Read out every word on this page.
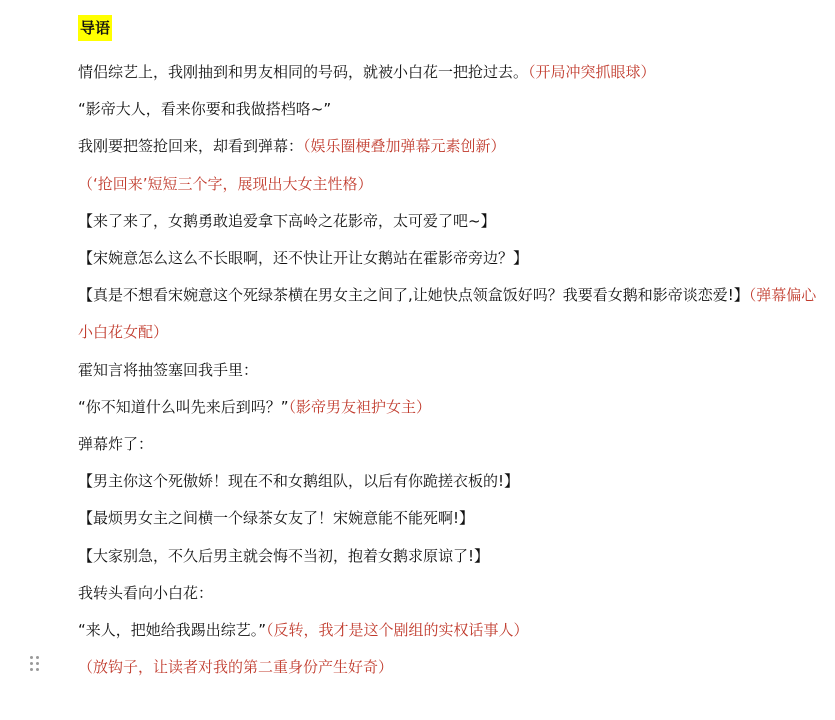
导语
情侣综艺上，我刚抽到和男友相同的号码，就被小白花一把抢过去。（开局冲突抓眼球）
“影帝大人，看来你要和我做搭档咯~”
我刚要把签抢回来，却看到弹幕：（娱乐圈梗叠加弹幕元素创新）
（‘抢回来’短短三个字，展现出大女主性格）
【来了来了，女鹅勇敢追爱拿下高岭之花影帝，太可爱了吧~】
【宋婉意怎么这么不长眼啊，还不快让开让女鹅站在霍影帝旁边？】
【真是不想看宋婉意这个死绿茶横在男女主之间了,让她快点领盒饭好吗？我要看女鹅和影帝谈恋爱!】（弹幕偏心小白花女配）
霍知言将抽签塞回我手里：
“你不知道什么叫先来后到吗？”（影帝男友袒护女主）
弹幕炸了：
【男主你这个死傲娇！现在不和女鹅组队，以后有你跪搓衣板的!】
【最烦男女主之间横一个绿茶女友了！宋婉意能不能死啊!】
【大家别急，不久后男主就会悔不当初，抱着女鹅求原谅了!】
我转头看向小白花：
“来人，把她给我踢出综艺。”（反转，我才是这个剧组的实权话事人）
（放钩子，让读者对我的第二重身份产生好奇）
